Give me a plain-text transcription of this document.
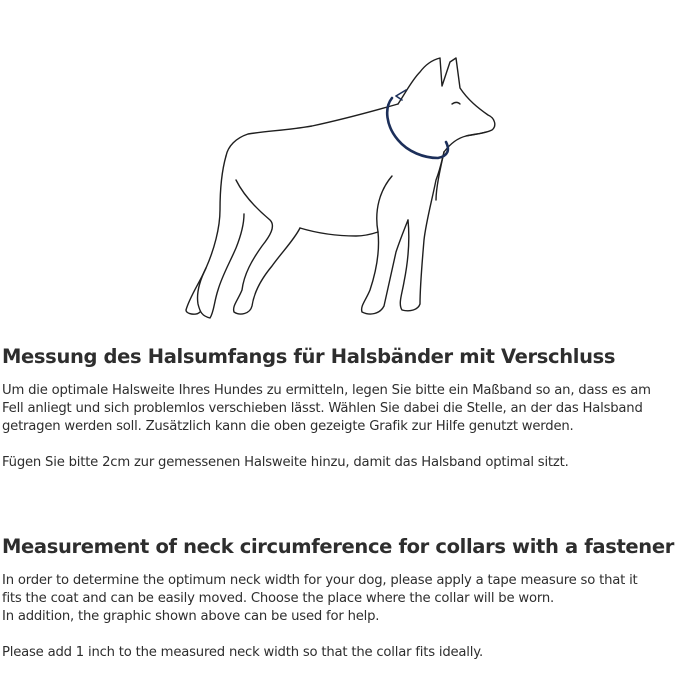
Messung des Halsumfangs für Halsbänder mit Verschluss

Um die optimale Halsweite Ihres Hundes zu ermitteln, legen Sie bitte ein Maßband so an, dass es am
Fell anliegt und sich problemlos verschieben lässt. Wählen Sie dabei die Stelle, an der das Halsband
getragen werden soll. Zusätzlich kann die oben gezeigte Grafik zur Hilfe genutzt werden.

Fügen Sie bitte 2cm zur gemessenen Halsweite hinzu, damit das Halsband optimal sitzt.

Measurement of neck circumference for collars with a fastener

In order to determine the optimum neck width for your dog, please apply a tape measure so that it
fits the coat and can be easily moved. Choose the place where the collar will be worn.
In addition, the graphic shown above can be used for help.

Please add 1 inch to the measured neck width so that the collar fits ideally.
